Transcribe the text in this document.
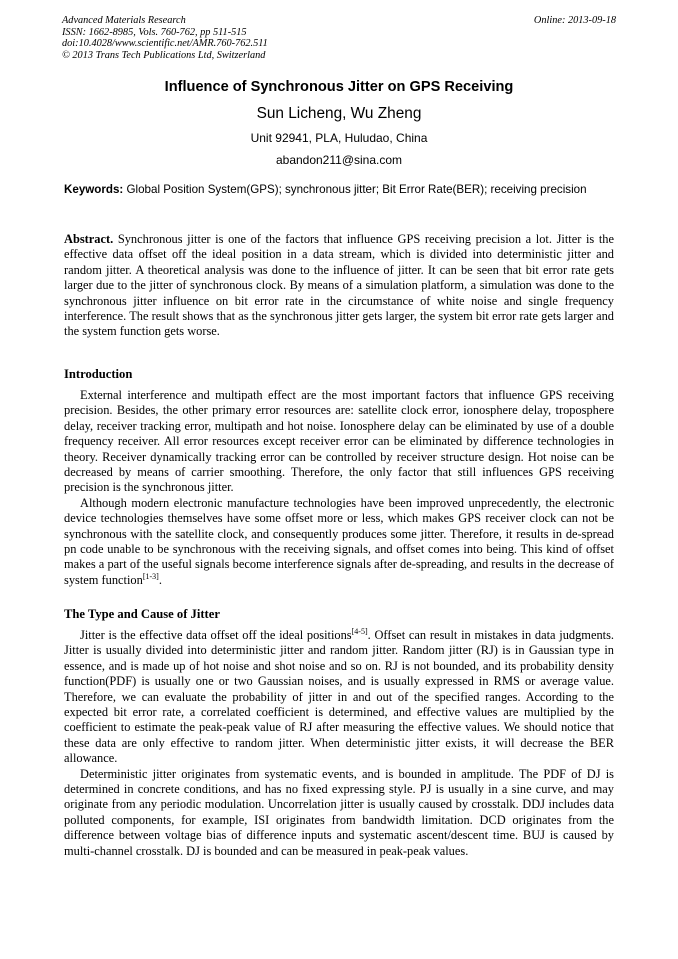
Advanced Materials Research
ISSN: 1662-8985, Vols. 760-762, pp 511-515
doi:10.4028/www.scientific.net/AMR.760-762.511
© 2013 Trans Tech Publications Ltd, Switzerland
Online: 2013-09-18
Influence of Synchronous Jitter on GPS Receiving
Sun Licheng, Wu Zheng
Unit 92941, PLA, Huludao, China
abandon211@sina.com
Keywords: Global Position System(GPS); synchronous jitter; Bit Error Rate(BER); receiving precision

Abstract. Synchronous jitter is one of the factors that influence GPS receiving precision a lot. Jitter is the effective data offset off the ideal position in a data stream, which is divided into deterministic jitter and random jitter. A theoretical analysis was done to the influence of jitter. It can be seen that bit error rate gets larger due to the jitter of synchronous clock. By means of a simulation platform, a simulation was done to the synchronous jitter influence on bit error rate in the circumstance of white noise and single frequency interference. The result shows that as the synchronous jitter gets larger, the system bit error rate gets larger and the system function gets worse.

Introduction

External interference and multipath effect are the most important factors that influence GPS receiving precision. Besides, the other primary error resources are: satellite clock error, ionosphere delay, troposphere delay, receiver tracking error, multipath and hot noise. Ionosphere delay can be eliminated by use of a double frequency receiver. All error resources except receiver error can be eliminated by difference technologies in theory. Receiver dynamically tracking error can be controlled by receiver structure design. Hot noise can be decreased by means of carrier smoothing. Therefore, the only factor that still influences GPS receiving precision is the synchronous jitter.

Although modern electronic manufacture technologies have been improved unprecedently, the electronic device technologies themselves have some offset more or less, which makes GPS receiver clock can not be synchronous with the satellite clock, and consequently produces some jitter. Therefore, it results in de-spread pn code unable to be synchronous with the receiving signals, and offset comes into being. This kind of offset makes a part of the useful signals become interference signals after de-spreading, and results in the decrease of system function[1-3].

The Type and Cause of Jitter

Jitter is the effective data offset off the ideal positions[4-5]. Offset can result in mistakes in data judgments. Jitter is usually divided into deterministic jitter and random jitter. Random jitter (RJ) is in Gaussian type in essence, and is made up of hot noise and shot noise and so on. RJ is not bounded, and its probability density function(PDF) is usually one or two Gaussian noises, and is usually expressed in RMS or average value. Therefore, we can evaluate the probability of jitter in and out of the specified ranges. According to the expected bit error rate, a correlated coefficient is determined, and effective values are multiplied by the coefficient to estimate the peak-peak value of RJ after measuring the effective values. We should notice that these data are only effective to random jitter. When deterministic jitter exists, it will decrease the BER allowance.

Deterministic jitter originates from systematic events, and is bounded in amplitude. The PDF of DJ is determined in concrete conditions, and has no fixed expressing style. PJ is usually in a sine curve, and may originate from any periodic modulation. Uncorrelation jitter is usually caused by crosstalk. DDJ includes data polluted components, for example, ISI originates from bandwidth limitation. DCD originates from the difference between voltage bias of difference inputs and systematic ascent/descent time. BUJ is caused by multi-channel crosstalk. DJ is bounded and can be measured in peak-peak values.
